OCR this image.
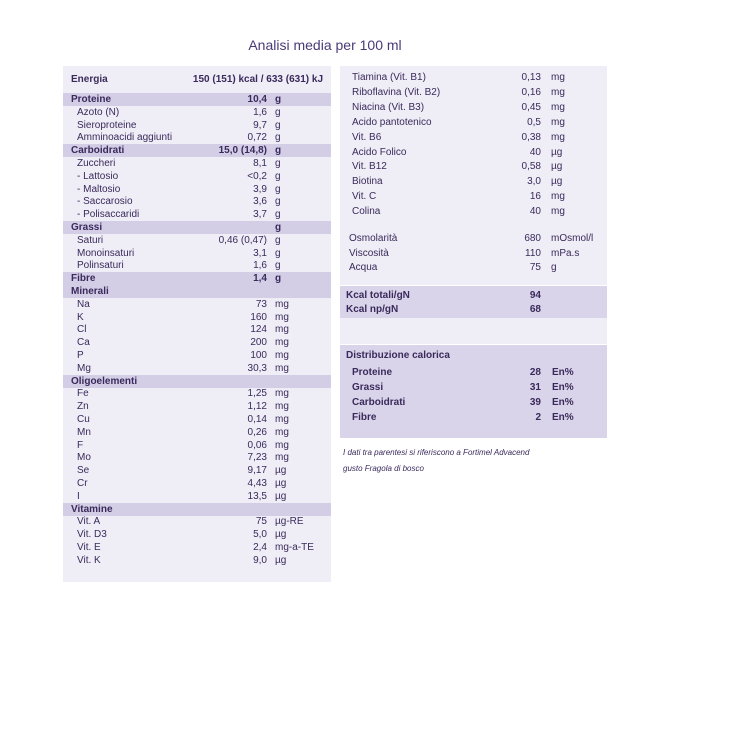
Analisi media per 100 ml
Energia	150 (151) kcal / 633 (631) kJ
Proteine	10,4 g
Azoto (N)	1,6 g
Sieroproteine	9,7 g
Amminoacidi aggiunti	0,72 g
Carboidrati	15,0 (14,8) g
Zuccheri	8,1 g
- Lattosio	<0,2 g
- Maltosio	3,9 g
- Saccarosio	3,6 g
- Polisaccaridi	3,7 g
Grassi	g
Saturi	0,46 (0,47) g
Monoinsaturi	3,1 g
Polinsaturi	1,6 g
Fibre	1,4 g
Minerali
Na	73 mg
K	160 mg
Cl	124 mg
Ca	200 mg
P	100 mg
Mg	30,3 mg
Oligoelementi
Fe	1,25 mg
Zn	1,12 mg
Cu	0,14 mg
Mn	0,26 mg
F	0,06 mg
Mo	7,23 mg
Se	9,17 µg
Cr	4,43 µg
I	13,5 µg
Vitamine
Vit. A	75 µg-RE
Vit. D3	5,0 µg
Vit. E	2,4 mg-a-TE
Vit. K	9,0 µg
Tiamina (Vit. B1)	0,13 mg
Riboflavina (Vit. B2)	0,16 mg
Niacina (Vit. B3)	0,45 mg
Acido pantotenico	0,5 mg
Vit. B6	0,38 mg
Acido Folico	40 µg
Vit. B12	0,58 µg
Biotina	3,0 µg
Vit. C	16 mg
Colina	40 mg
Osmolarità	680 mOsmol/l
Viscosità	110 mPa.s
Acqua	75 g
Kcal totali/gN	94
Kcal np/gN	68
Distribuzione calorica
Proteine	28 En%
Grassi	31 En%
Carboidrati	39 En%
Fibre	2 En%
I dati tra parentesi si riferiscono a Fortimel Advacend
gusto Fragola di bosco
